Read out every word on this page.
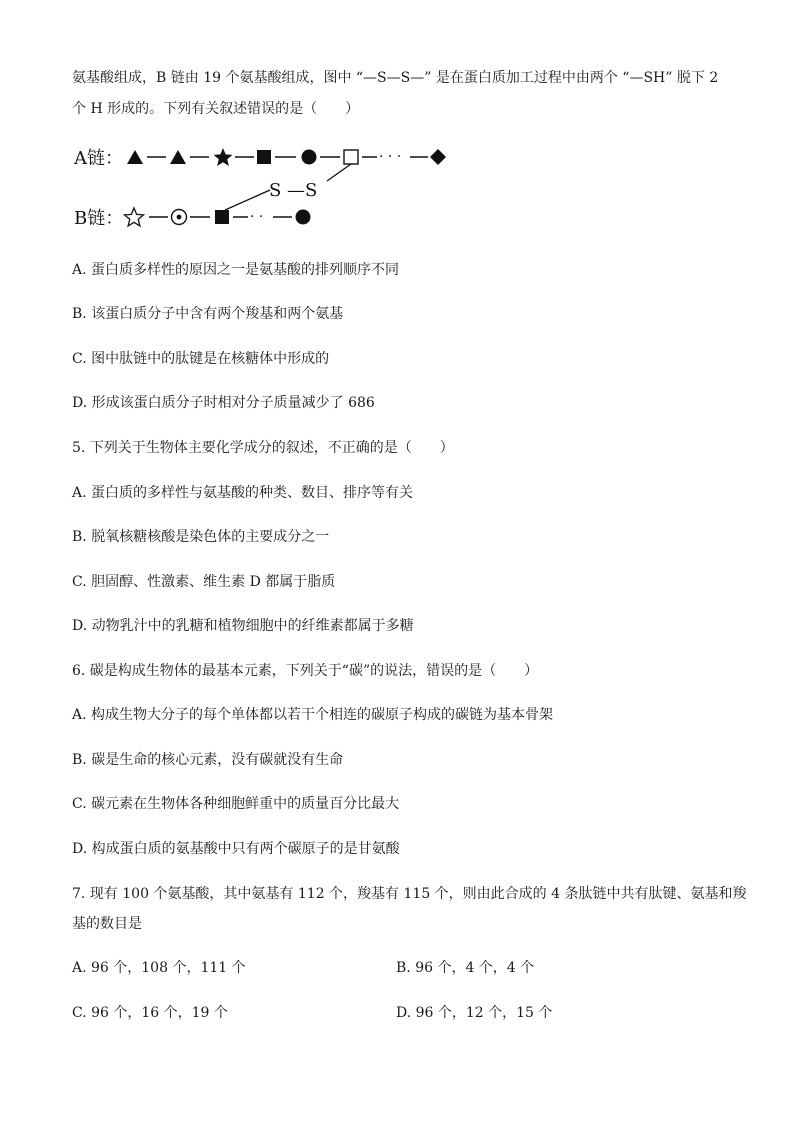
氨基酸组成，B 链由 19 个氨基酸组成，图中 “—S—S—” 是在蛋白质加工过程中由两个 “—SH” 脱下 2
个 H 形成的。下列有关叙述错误的是（　　）
A链：	· · ·
S —S
B链：	· ·
A. 蛋白质多样性的原因之一是氨基酸的排列顺序不同
B. 该蛋白质分子中含有两个羧基和两个氨基
C. 图中肽链中的肽键是在核糖体中形成的
D. 形成该蛋白质分子时相对分子质量减少了 686
5. 下列关于生物体主要化学成分的叙述，不正确的是（　　）
A. 蛋白质的多样性与氨基酸的种类、数目、排序等有关
B. 脱氧核糖核酸是染色体的主要成分之一
C. 胆固醇、性激素、维生素 D 都属于脂质
D. 动物乳汁中的乳糖和植物细胞中的纤维素都属于多糖
6. 碳是构成生物体的最基本元素，下列关于“碳”的说法，错误的是（　　）
A. 构成生物大分子的每个单体都以若干个相连的碳原子构成的碳链为基本骨架
B. 碳是生命的核心元素，没有碳就没有生命
C. 碳元素在生物体各种细胞鲜重中的质量百分比最大
D. 构成蛋白质的氨基酸中只有两个碳原子的是甘氨酸
7. 现有 100 个氨基酸，其中氨基有 112 个，羧基有 115 个，则由此合成的 4 条肽链中共有肽键、氨基和羧
基的数目是
A. 96 个，108 个，111 个	B. 96 个，4 个，4 个
C. 96 个，16 个，19 个	D. 96 个，12 个，15 个
